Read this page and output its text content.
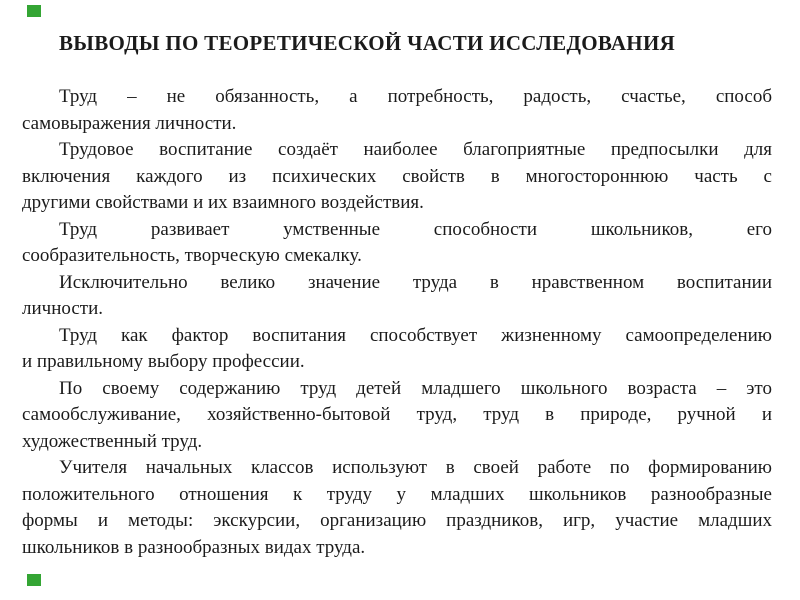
ВЫВОДЫ ПО ТЕОРЕТИЧЕСКОЙ ЧАСТИ ИССЛЕДОВАНИЯ
Труд – не обязанность, а потребность, радость, счастье, способ
самовыражения личности.
Трудовое воспитание создаёт наиболее благоприятные предпосылки для
включения каждого из психических свойств в многостороннюю часть с
другими свойствами и их взаимного воздействия.
Труд развивает умственные способности школьников, его
сообразительность, творческую смекалку.
Исключительно велико значение труда в нравственном воспитании
личности.
Труд как фактор воспитания способствует жизненному самоопределению
и правильному выбору профессии.
По своему содержанию труд детей младшего школьного возраста – это
самообслуживание, хозяйственно-бытовой труд, труд в природе, ручной и
художественный труд.
Учителя начальных классов используют в своей работе по формированию
положительного отношения к труду у младших школьников разнообразные
формы и методы: экскурсии, организацию праздников, игр, участие младших
школьников в разнообразных видах труда.
